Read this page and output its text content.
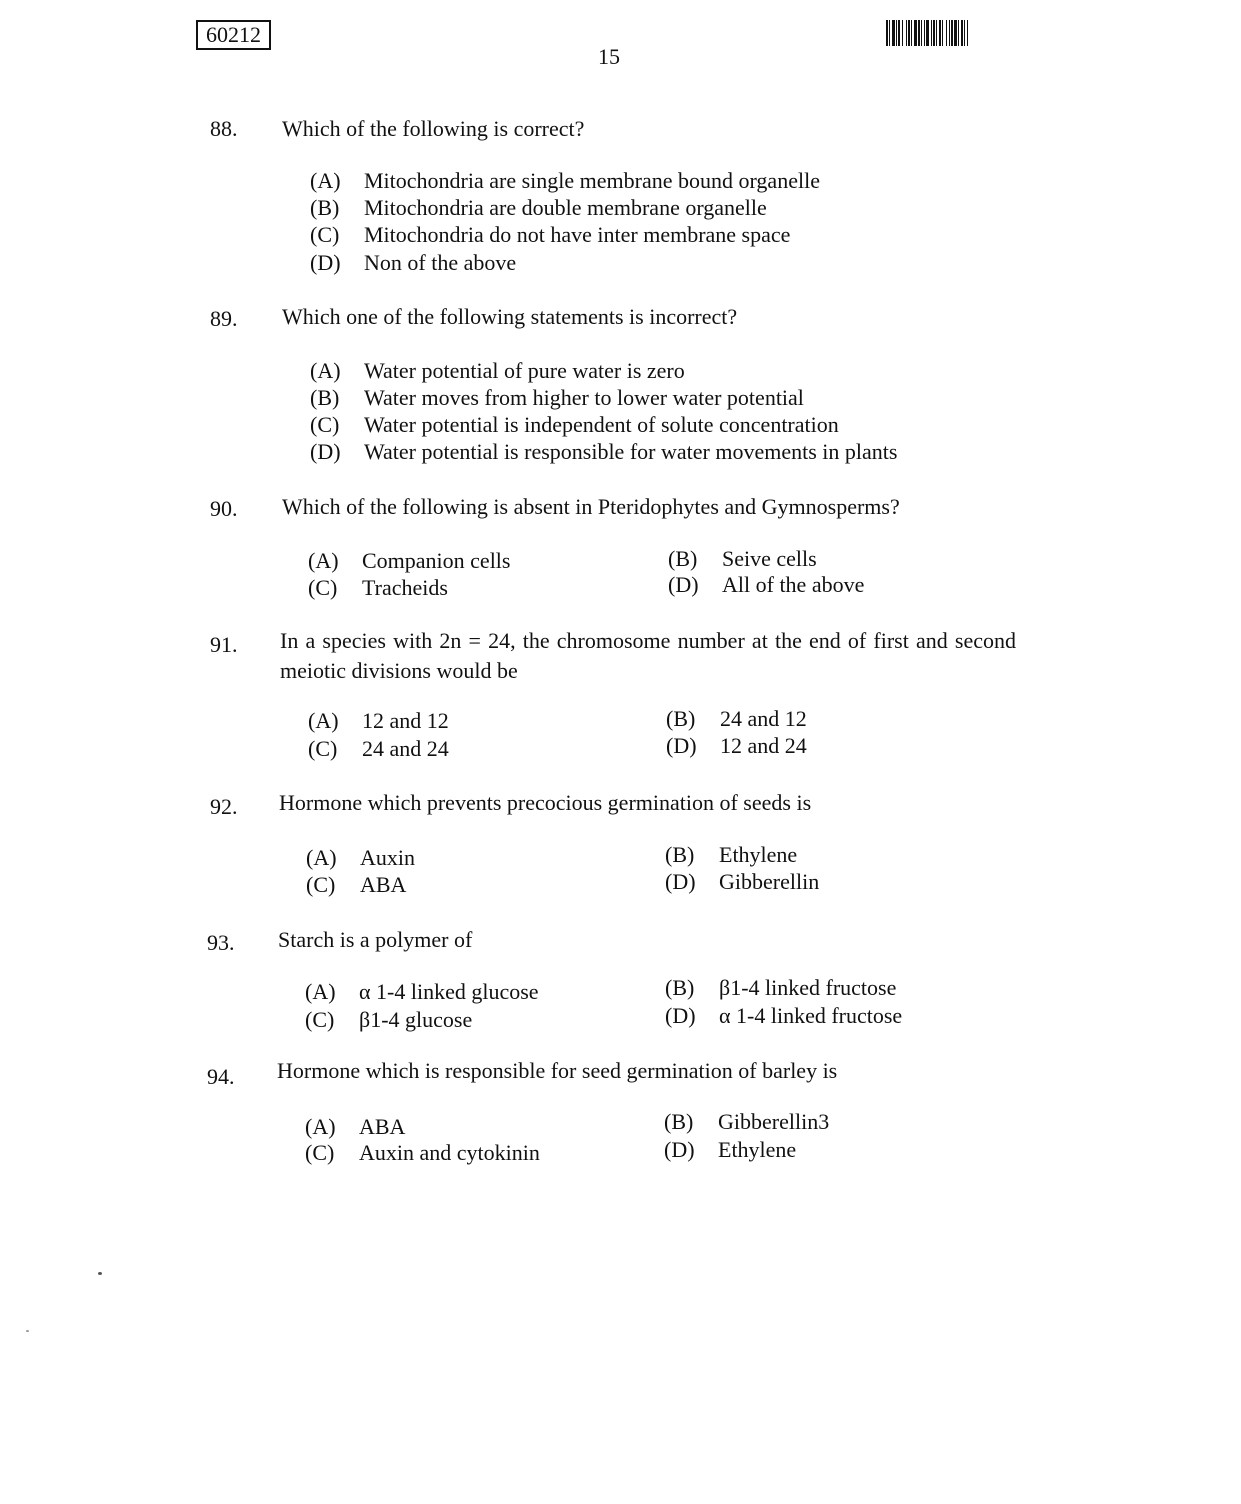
60212
15
88. Which of the following is correct?
(A) Mitochondria are single membrane bound organelle
(B) Mitochondria are double membrane organelle
(C) Mitochondria do not have inter membrane space
(D) Non of the above
89. Which one of the following statements is incorrect?
(A) Water potential of pure water is zero
(B) Water moves from higher to lower water potential
(C) Water potential is independent of solute concentration
(D) Water potential is responsible for water movements in plants
90. Which of the following is absent in Pteridophytes and Gymnosperms?
(A) Companion cells	(B) Seive cells
(C) Tracheids	(D) All of the above
91. In a species with 2n = 24, the chromosome number at the end of first and second meiotic divisions would be
(A) 12 and 12	(B) 24 and 12
(C) 24 and 24	(D) 12 and 24
92. Hormone which prevents precocious germination of seeds is
(A) Auxin	(B) Ethylene
(C) ABA	(D) Gibberellin
93. Starch is a polymer of
(A) α 1-4 linked glucose	(B) β1-4 linked fructose
(C) β1-4 glucose	(D) α 1-4 linked fructose
94. Hormone which is responsible for seed germination of barley is
(A) ABA	(B) Gibberellin3
(C) Auxin and cytokinin	(D) Ethylene
